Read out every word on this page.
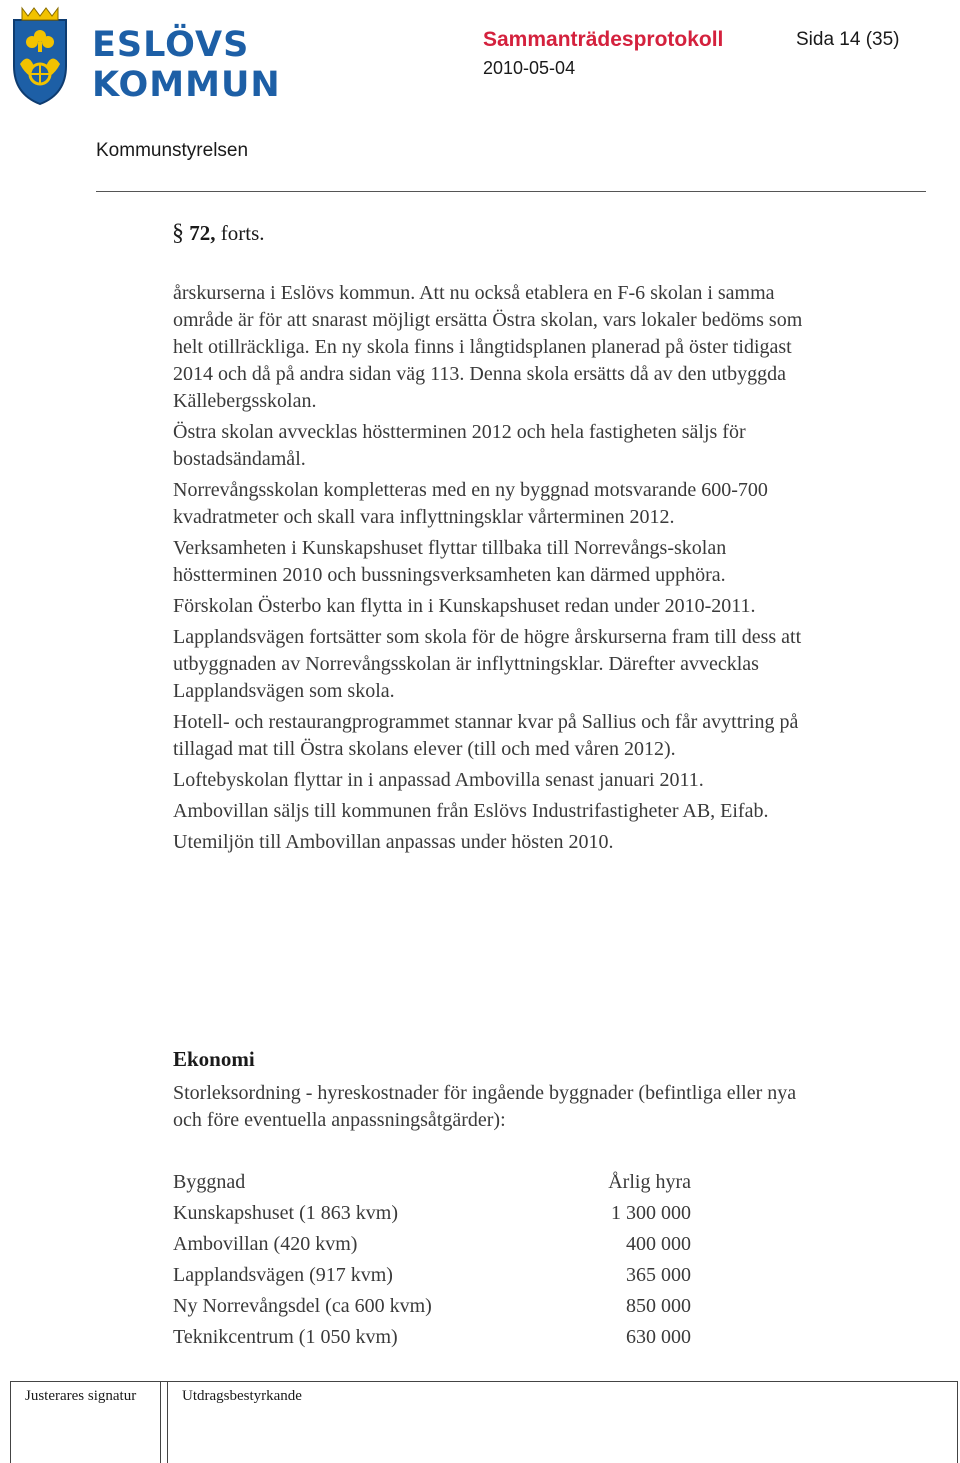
ESLÖVS
KOMMUN
Sammanträdesprotokoll	Sida 14 (35)
2010-05-04
Kommunstyrelsen
§ 72, forts.

årskurserna i Eslövs kommun. Att nu också etablera en F-6 skolan i samma område är för att snarast möjligt ersätta Östra skolan, vars lokaler bedöms som helt otillräckliga. En ny skola finns i långtidsplanen planerad på öster tidigast 2014 och då på andra sidan väg 113. Denna skola ersätts då av den utbyggda Källebergsskolan.

Östra skolan avvecklas höstterminen 2012 och hela fastigheten säljs för bostadsändamål.

Norrevångsskolan kompletteras med en ny byggnad motsvarande 600-700 kvadratmeter och skall vara inflyttningsklar vårterminen 2012.

Verksamheten i Kunskapshuset flyttar tillbaka till Norrevångs-skolan höstterminen 2010 och bussningsverksamheten kan därmed upphöra.

Förskolan Österbo kan flytta in i Kunskapshuset redan under 2010-2011.

Lapplandsvägen fortsätter som skola för de högre årskurserna fram till dess att utbyggnaden av Norrevångsskolan är inflyttningsklar. Därefter avvecklas Lapplandsvägen som skola.

Hotell- och restaurangprogrammet stannar kvar på Sallius och får avyttring på tillagad mat till Östra skolans elever (till och med våren 2012).

Loftebyskolan flyttar in i anpassad Ambovilla senast januari 2011.

Ambovillan säljs till kommunen från Eslövs Industrifastigheter AB, Eifab.

Utemiljön till Ambovillan anpassas under hösten 2010.

Ekonomi
Storleksordning - hyreskostnader för ingående byggnader (befintliga eller nya och före eventuella anpassningsåtgärder):
Byggnad	Årlig hyra
Kunskapshuset (1 863 kvm)	1 300 000
Ambovillan (420 kvm)	400 000
Lapplandsvägen (917 kvm)	365 000
Ny Norrevångsdel (ca 600 kvm)	850 000
Teknikcentrum (1 050 kvm)	630 000
Justerares signatur	Utdragsbestyrkande
